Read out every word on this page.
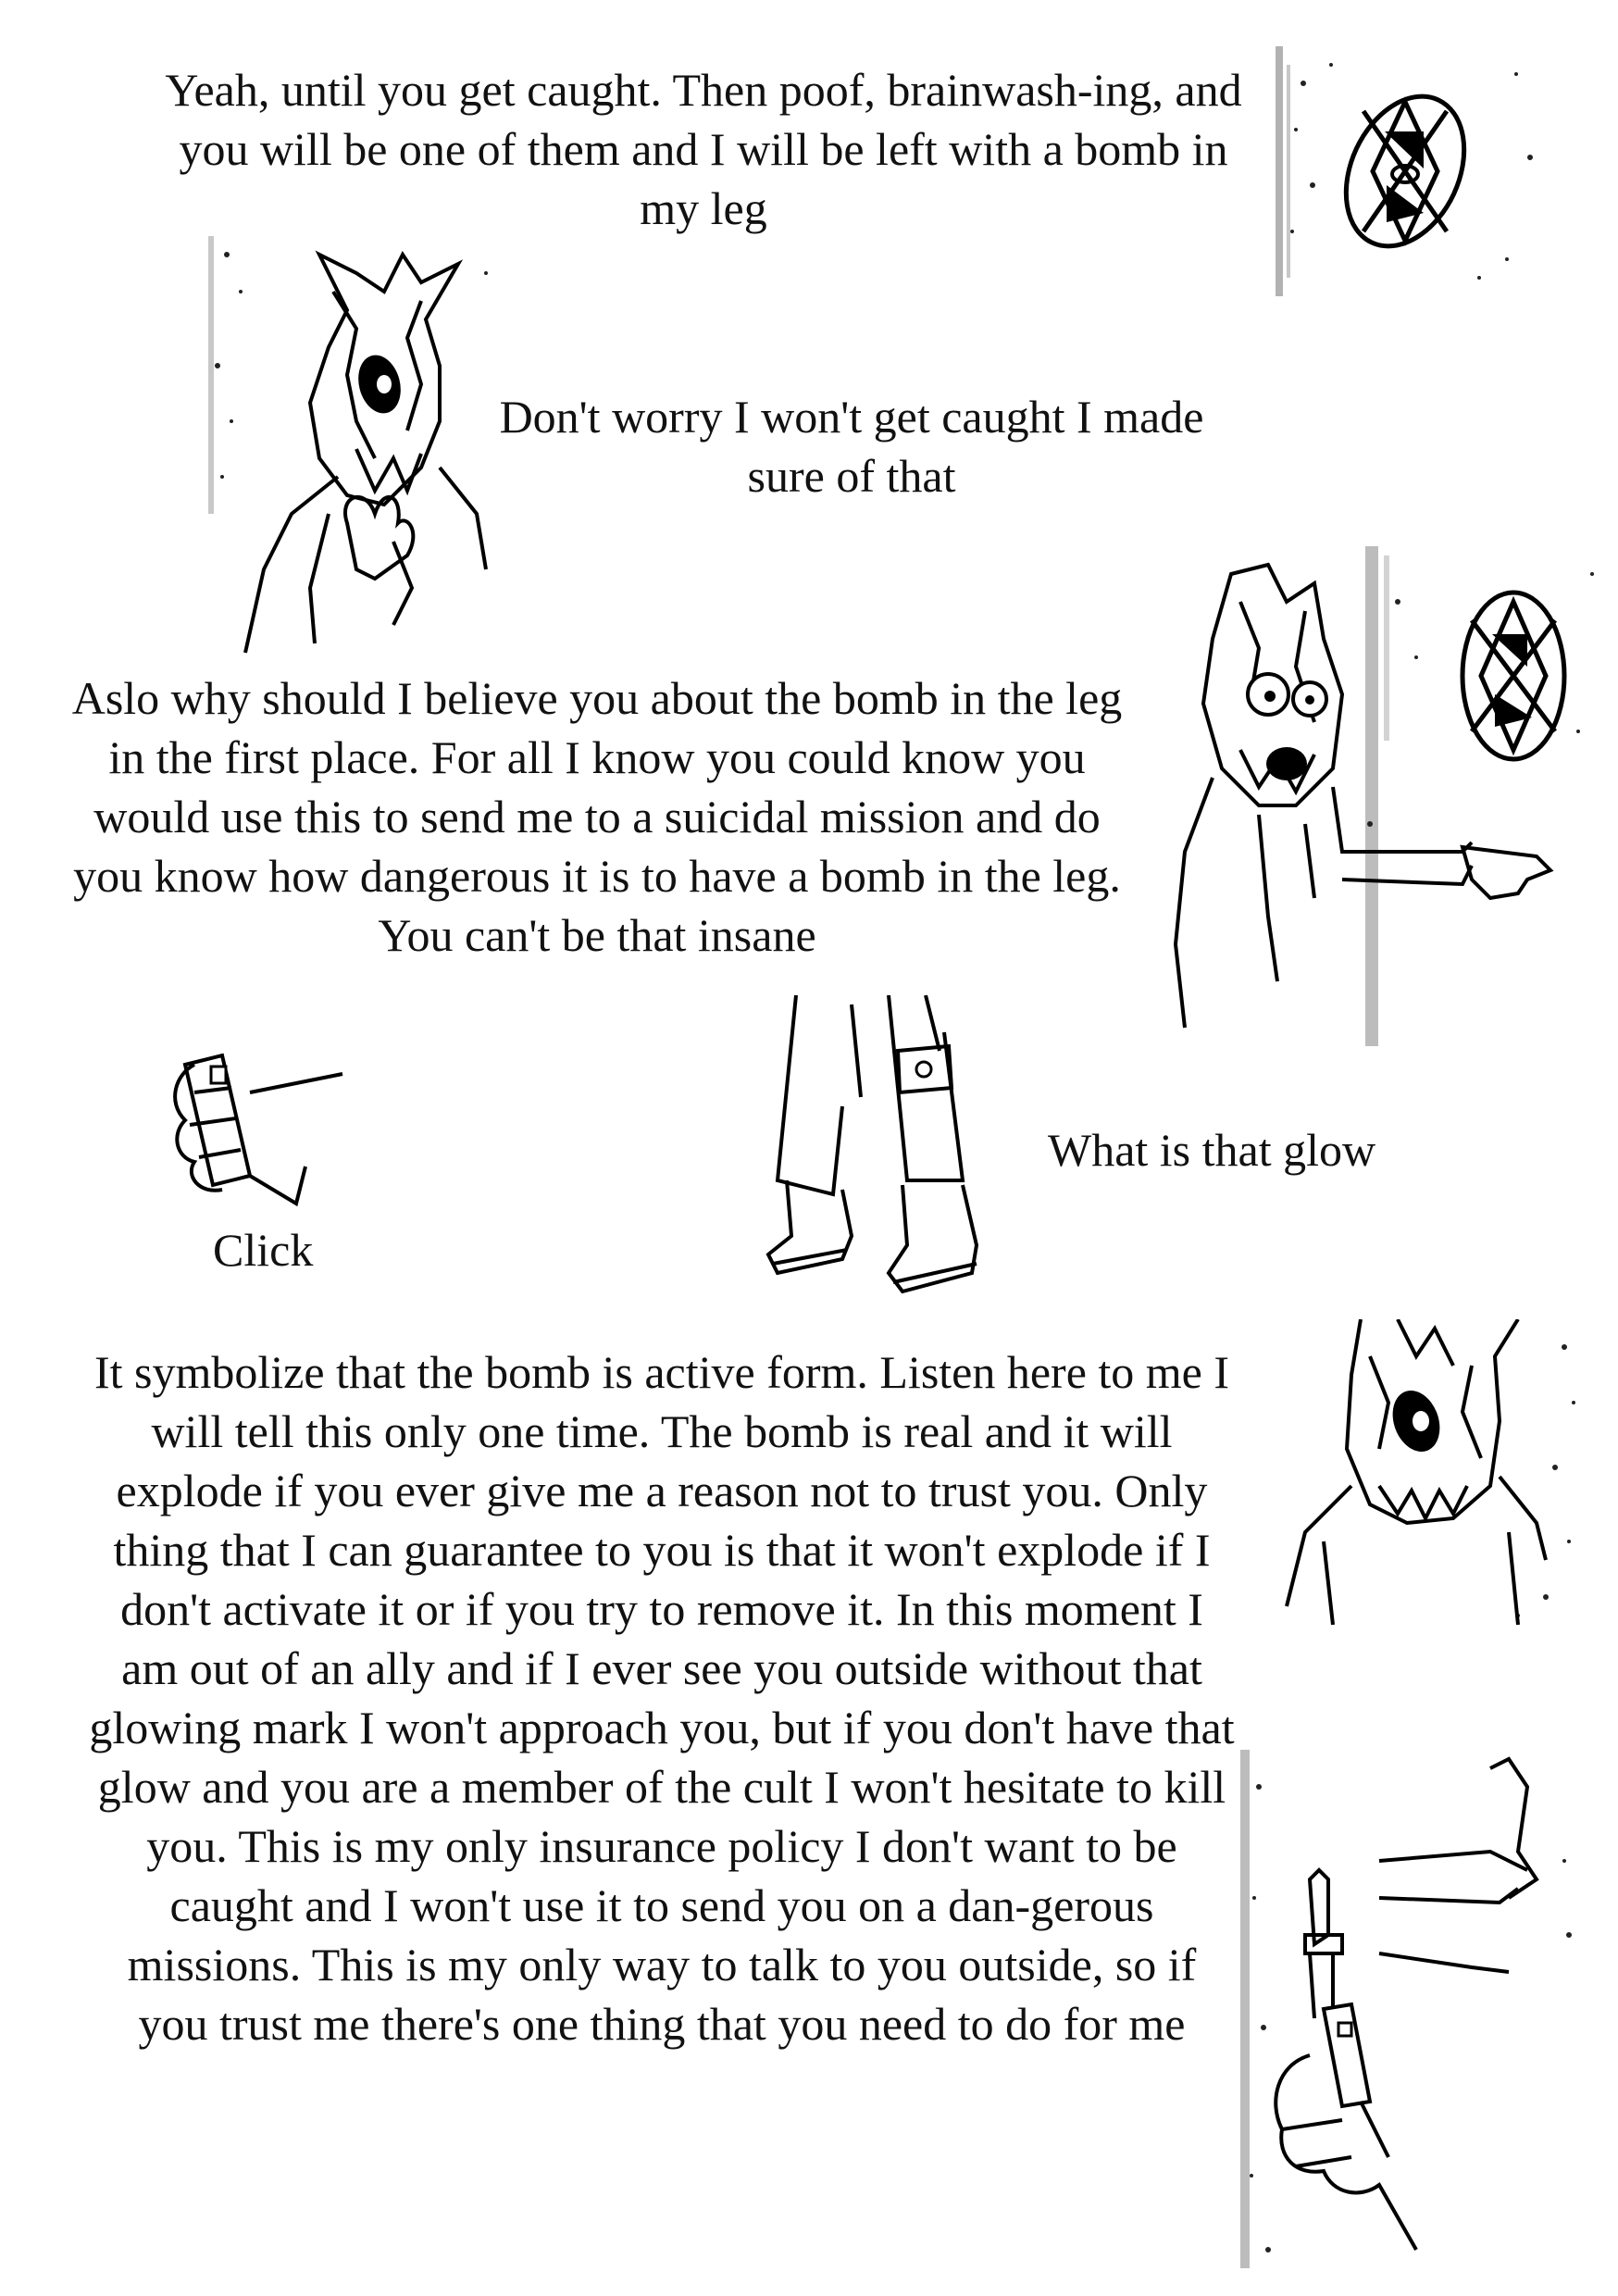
Yeah, until you get caught. Then poof, brainwash-ing, and you will be one of them and I will be left with a bomb in my leg

Don't worry I won't get caught I made sure of that

Aslo why should I believe you about the bomb in the leg in the first place. For all I know you could know you would use this to send me to a suicidal mission and do you know how dangerous it is to have a bomb in the leg. You can't be that insane

Click

What is that glow

It symbolize that the bomb is active form. Listen here to me I will tell this only one time. The bomb is real and it will explode if you ever give me a reason not to trust you. Only thing that I can guarantee to you is that it won't explode if I don't activate it or if you try to remove it. In this moment I am out of an ally and if I ever see you outside without that glowing mark I won't approach you, but if you don't have that glow and you are a member of the cult I won't hesitate to kill you. This is my only insurance policy I don't want to be caught and I won't use it to send you on a dan-gerous missions. This is my only way to talk to you outside, so if you trust me there's one thing that you need to do for me
